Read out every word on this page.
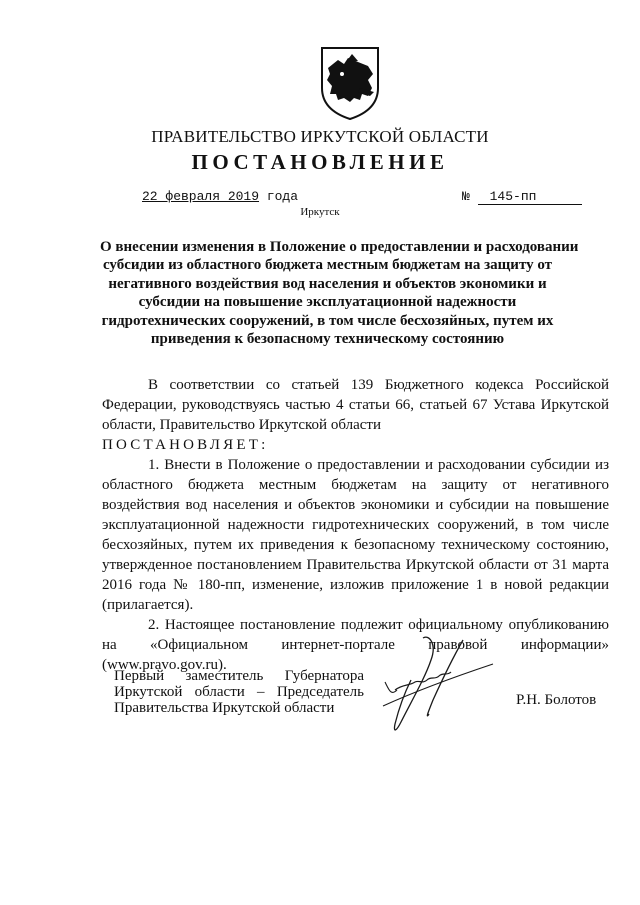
ПРАВИТЕЛЬСТВО ИРКУТСКОЙ ОБЛАСТИ
ПОСТАНОВЛЕНИЕ
22 февраля 2019 года	№ 145-пп
Иркутск
О внесении изменения в Положение о предоставлении и расходовании
субсидии из областного бюджета местным бюджетам на защиту от
негативного воздействия вод населения и объектов экономики и
субсидии на повышение эксплуатационной надежности
гидротехнических сооружений, в том числе бесхозяйных, путем их
приведения к безопасному техническому состоянию

В соответствии со статьей 139 Бюджетного кодекса Российской Федерации, руководствуясь частью 4 статьи 66, статьей 67 Устава Иркутской области, Правительство Иркутской области

ПОСТАНОВЛЯЕТ:

1. Внести в Положение о предоставлении и расходовании субсидии из областного бюджета местным бюджетам на защиту от негативного воздействия вод населения и объектов экономики и субсидии на повышение эксплуатационной надежности гидротехнических сооружений, в том числе бесхозяйных, путем их приведения к безопасному техническому состоянию, утвержденное постановлением Правительства Иркутской области от 31 марта 2016 года № 180-пп, изменение, изложив приложение 1 в новой редакции (прилагается).

2. Настоящее постановление подлежит официальному опубликованию на «Официальном интернет-портале правовой информации» (www.pravo.gov.ru).

Первый заместитель Губернатора
Иркутской области – Председатель
Правительства Иркутской области	Р.Н. Болотов
